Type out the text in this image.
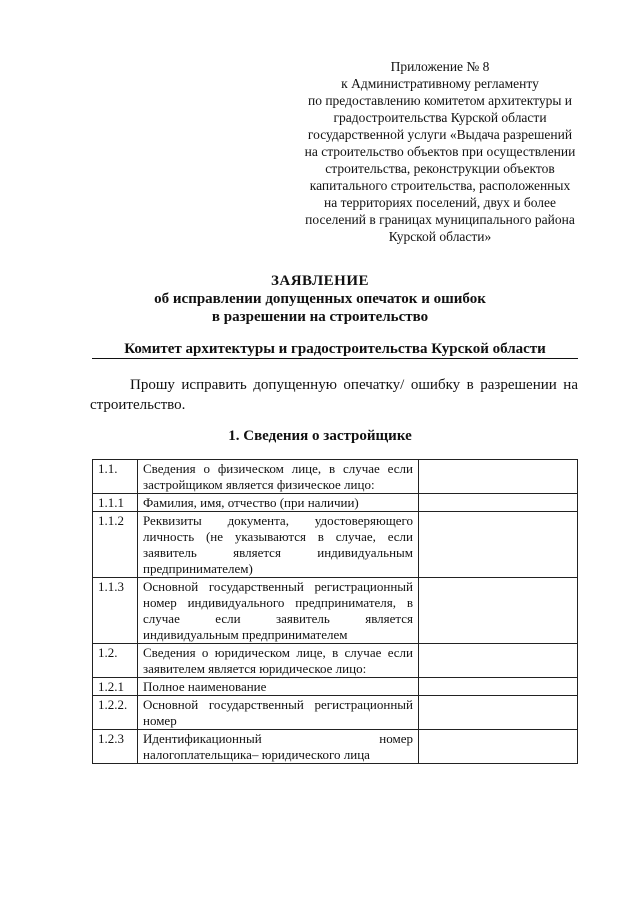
Приложение № 8
к Административному регламенту
по предоставлению комитетом архитектуры и
градостроительства Курской области
государственной услуги «Выдача разрешений
на строительство объектов при осуществлении
строительства, реконструкции объектов
капитального строительства, расположенных
на территориях поселений, двух и более
поселений в границах муниципального района
Курской области»
ЗАЯВЛЕНИЕ
об исправлении допущенных опечаток и ошибок
в разрешении на строительство
Комитет архитектуры и градостроительства Курской области
Прошу исправить допущенную опечатку/ ошибку в разрешении на строительство.
1. Сведения о застройщике
1.1.	Сведения о физическом лице, в случае если застройщиком является физическое лицо:	
1.1.1	Фамилия, имя, отчество (при наличии)	
1.1.2	Реквизиты документа, удостоверяющего личность (не указываются в случае, если заявитель является индивидуальным предпринимателем)	
1.1.3	Основной государственный регистрационный номер индивидуального предпринимателя, в случае если заявитель является индивидуальным предпринимателем	
1.2.	Сведения о юридическом лице, в случае если заявителем является юридическое лицо:	
1.2.1	Полное наименование	
1.2.2.	Основной государственный регистрационный номер	
1.2.3	Идентификационный номер налогоплательщика– юридического лица	
